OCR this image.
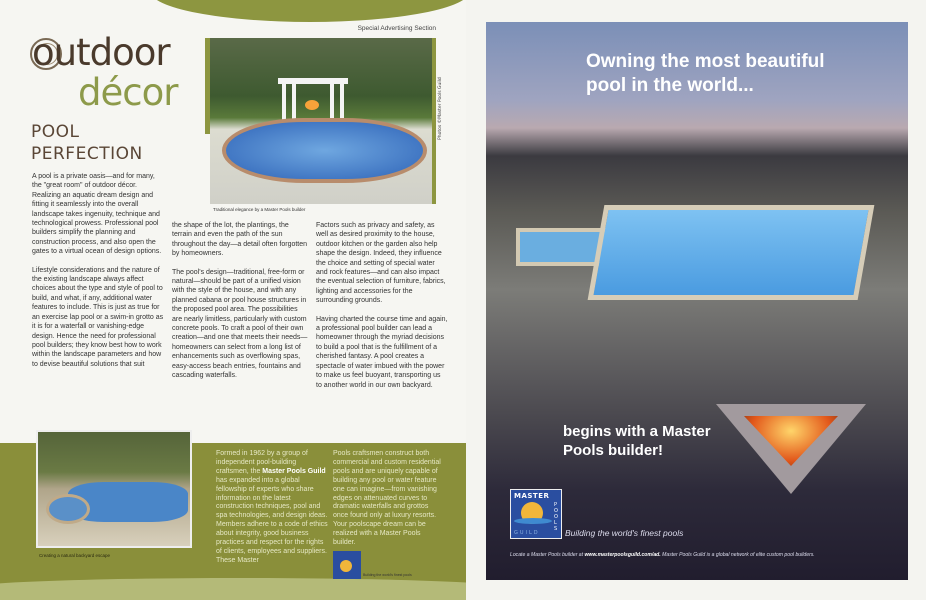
Special Advertising Section
outdoor
décor
POOL
PERFECTION
Traditional elegance by a Master Pools builder
Photos ©Master Pools Guild

A pool is a private oasis—and for many, the "great room" of outdoor décor. Realizing an aquatic dream design and fitting it seamlessly into the overall landscape takes ingenuity, technique and technological prowess. Professional pool builders simplify the planning and construction process, and also open the gates to a virtual ocean of design options.

Lifestyle considerations and the nature of the existing landscape always affect choices about the type and style of pool to build, and what, if any, additional water features to include. This is just as true for an exercise lap pool or a swim-in grotto as it is for a waterfall or vanishing-edge design. Hence the need for professional pool builders; they know best how to work within the landscape parameters and how to devise beautiful solutions that suit

the shape of the lot, the plantings, the terrain and even the path of the sun throughout the day—a detail often forgotten by homeowners.

The pool's design—traditional, free-form or natural—should be part of a unified vision with the style of the house, and with any planned cabana or pool house structures in the proposed pool area. The possibilities are nearly limitless, particularly with custom concrete pools. To craft a pool of their own creation—and one that meets their needs—homeowners can select from a long list of enhancements such as overflowing spas, easy-access beach entries, fountains and cascading waterfalls.

Factors such as privacy and safety, as well as desired proximity to the house, outdoor kitchen or the garden also help shape the design. Indeed, they influence the choice and setting of special water and rock features—and can also impact the eventual selection of furniture, fabrics, lighting and accessories for the surrounding grounds.

Having charted the course time and again, a professional pool builder can lead a homeowner through the myriad decisions to build a pool that is the fulfillment of a cherished fantasy. A pool creates a spectacle of water imbued with the power to make us feel buoyant, transporting us to another world in our own backyard.

Creating a natural backyard escape
Formed in 1962 by a group of independent pool-building craftsmen, the Master Pools Guild has expanded into a global fellowship of experts who share information on the latest construction techniques, pool and spa technologies, and design ideas. Members adhere to a code of ethics about integrity, good business practices and respect for the rights of clients, employees and suppliers. These Master
Pools craftsmen construct both commercial and custom residential pools and are uniquely capable of building any pool or water feature one can imagine—from vanishing edges on attenuated curves to dramatic waterfalls and grottos once found only at luxury resorts. Your poolscape dream can be realized with a Master Pools builder.
Building the world's finest pools
Owning the most beautiful pool in the world...
begins with a Master Pools builder!
MASTER
POOLS
GUILD	Building the world's finest pools
Locate a Master Pools builder at www.masterpoolsguild.com/ad. Master Pools Guild is a global network of elite custom pool builders.
